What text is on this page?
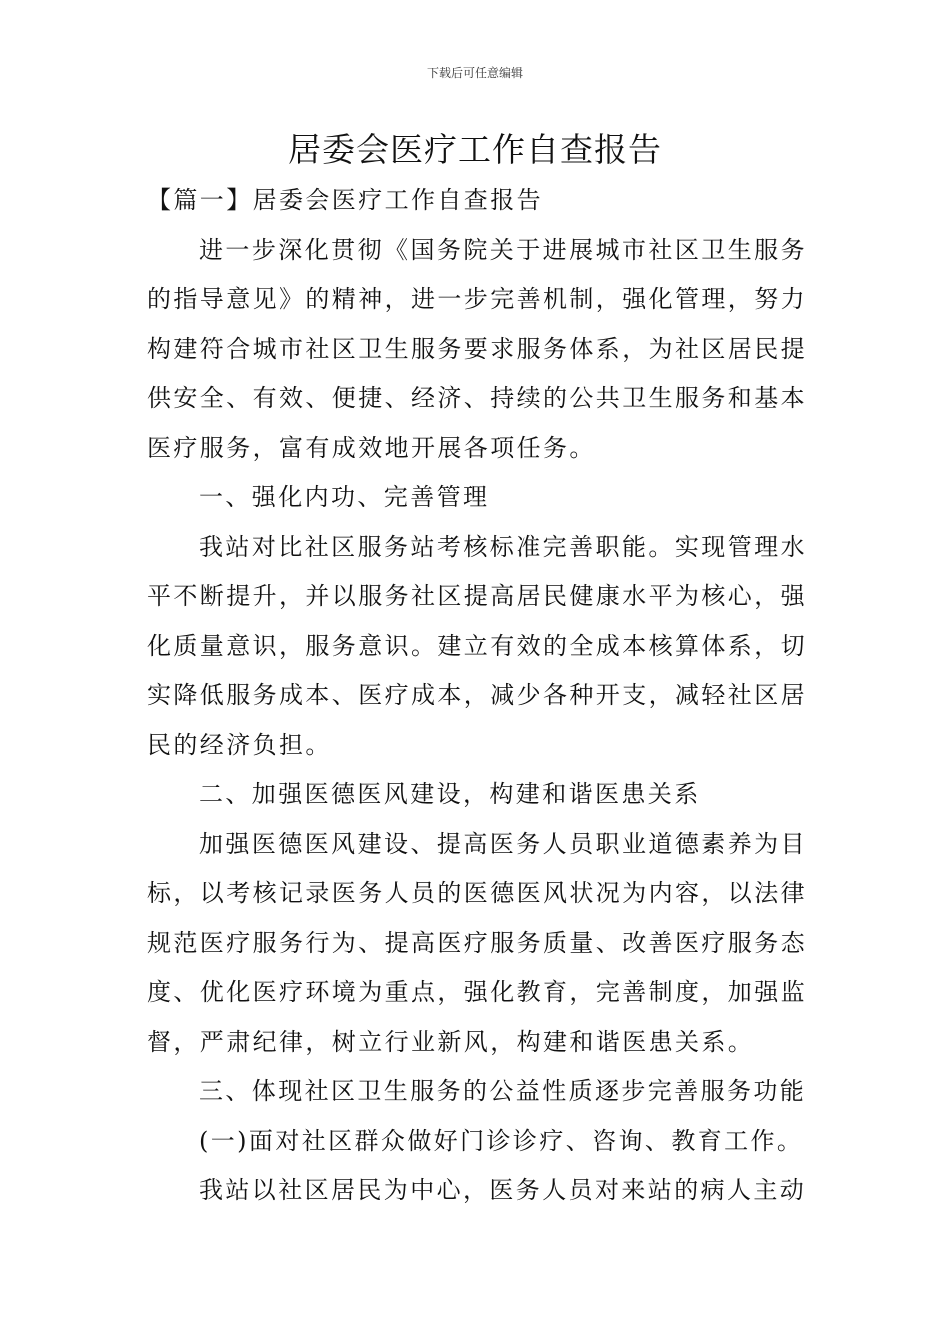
下载后可任意编辑
居委会医疗工作自查报告

【篇一】居委会医疗工作自查报告

进一步深化贯彻《国务院关于进展城市社区卫生服务的指导意见》的精神，进一步完善机制，强化管理，努力构建符合城市社区卫生服务要求服务体系，为社区居民提供安全、有效、便捷、经济、持续的公共卫生服务和基本医疗服务，富有成效地开展各项任务。

一、强化内功、完善管理

我站对比社区服务站考核标准完善职能。实现管理水平不断提升，并以服务社区提高居民健康水平为核心，强化质量意识，服务意识。建立有效的全成本核算体系，切实降低服务成本、医疗成本，减少各种开支，减轻社区居民的经济负担。

二、加强医德医风建设，构建和谐医患关系

加强医德医风建设、提高医务人员职业道德素养为目标，以考核记录医务人员的医德医风状况为内容，以法律规范医疗服务行为、提高医疗服务质量、改善医疗服务态度、优化医疗环境为重点，强化教育，完善制度，加强监督，严肃纪律，树立行业新风，构建和谐医患关系。

三、体现社区卫生服务的公益性质逐步完善服务功能

(一)面对社区群众做好门诊诊疗、咨询、教育工作。

我站以社区居民为中心，医务人员对来站的病人主动
